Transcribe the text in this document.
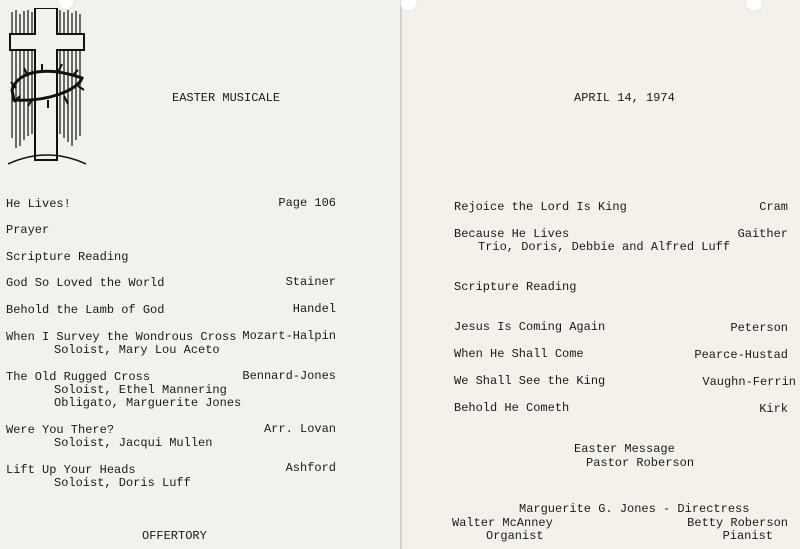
EASTER MUSICALE
He Lives!	Page 106
Prayer
Scripture Reading
God So Loved the World	Stainer
Behold the Lamb of God	Handel
When I Survey the Wondrous Cross Mozart-Halpin
Soloist, Mary Lou Aceto
The Old Rugged Cross	Bennard-Jones
Soloist, Ethel Mannering
Obligato, Marguerite Jones
Were You There?	Arr. Lovan
Soloist, Jacqui Mullen
Lift Up Your Heads	Ashford
Soloist, Doris Luff
OFFERTORY
APRIL 14, 1974
Rejoice the Lord Is King	Cram
Because He Lives	Gaither
Trio, Doris, Debbie and Alfred Luff
Scripture Reading
Jesus Is Coming Again	Peterson
When He Shall Come	Pearce-Hustad
We Shall See the King	Vaughn-Ferrin
Behold He Cometh	Kirk
Easter Message
Pastor Roberson
Marguerite G. Jones - Directress
Walter McAnney
Organist
Betty Roberson
Pianist
